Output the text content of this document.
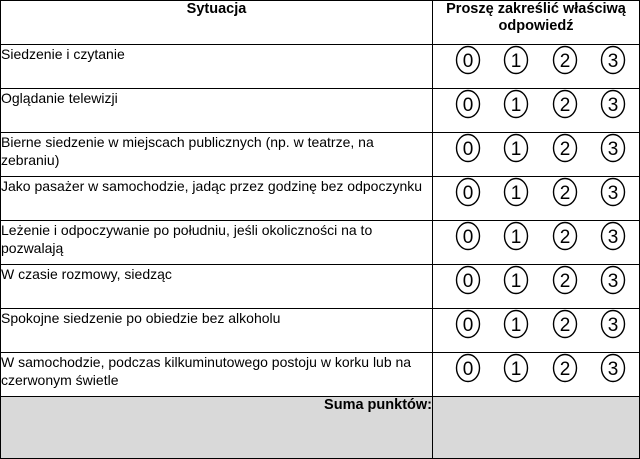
Sytuacja	Proszę zakreślić właściwą
odpowiedź
Siedzenie i czytanie	0 1 2 3

Oglądanie telewizji	0 1 2 3

Bierne siedzenie w miejscach publicznych (np. w teatrze, na zebraniu)	0 1 2 3

Jako pasażer w samochodzie, jadąc przez godzinę bez odpoczynku	0 1 2 3

Leżenie i odpoczywanie po południu, jeśli okoliczności na to pozwalają	0 1 2 3

W czasie rozmowy, siedząc	0 1 2 3

Spokojne siedzenie po obiedzie bez alkoholu	0 1 2 3

W samochodzie, podczas kilkuminutowego postoju w korku lub na czerwonym świetle	0 1 2 3

Suma punktów:	
